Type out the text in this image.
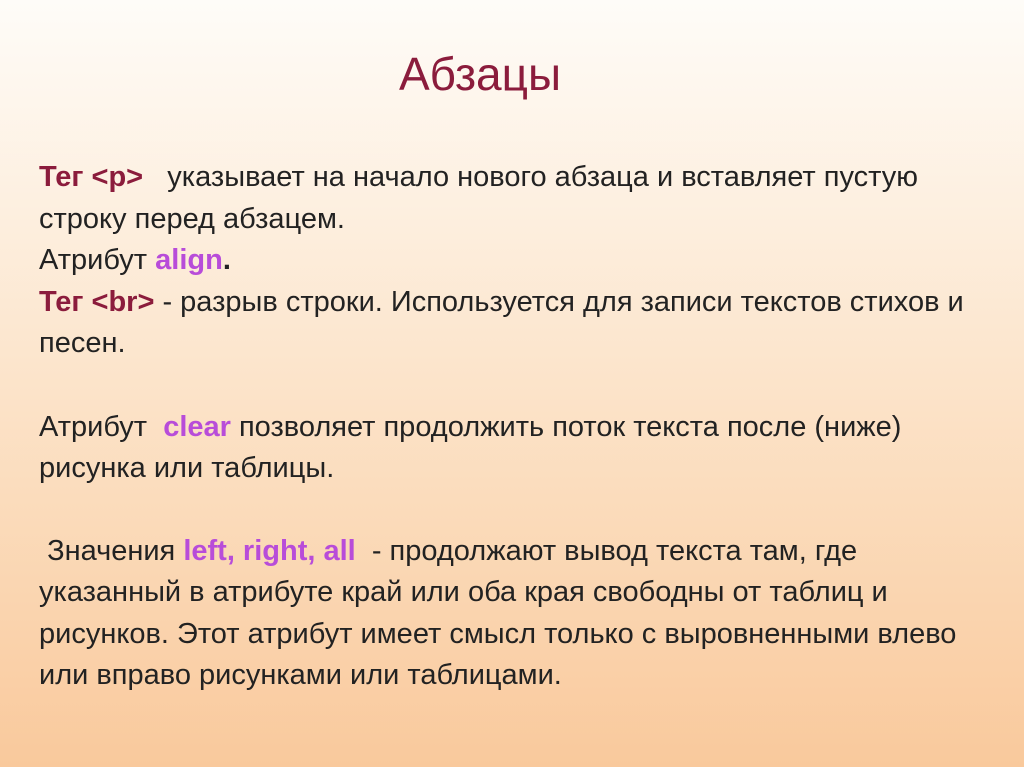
Абзацы
Тег <p>   указывает на начало нового абзаца и вставляет пустую строку перед абзацем.
Атрибут align.
Тег <br> - разрыв строки. Используется для записи текстов стихов и песен.
Атрибут  clear позволяет продолжить поток текста после (ниже) рисунка или таблицы.
Значения left, right, all  - продолжают вывод текста там, где указанный в атрибуте край или оба края свободны от таблиц и рисунков. Этот атрибут имеет смысл только с выровненными влево или вправо рисунками или таблицами.
